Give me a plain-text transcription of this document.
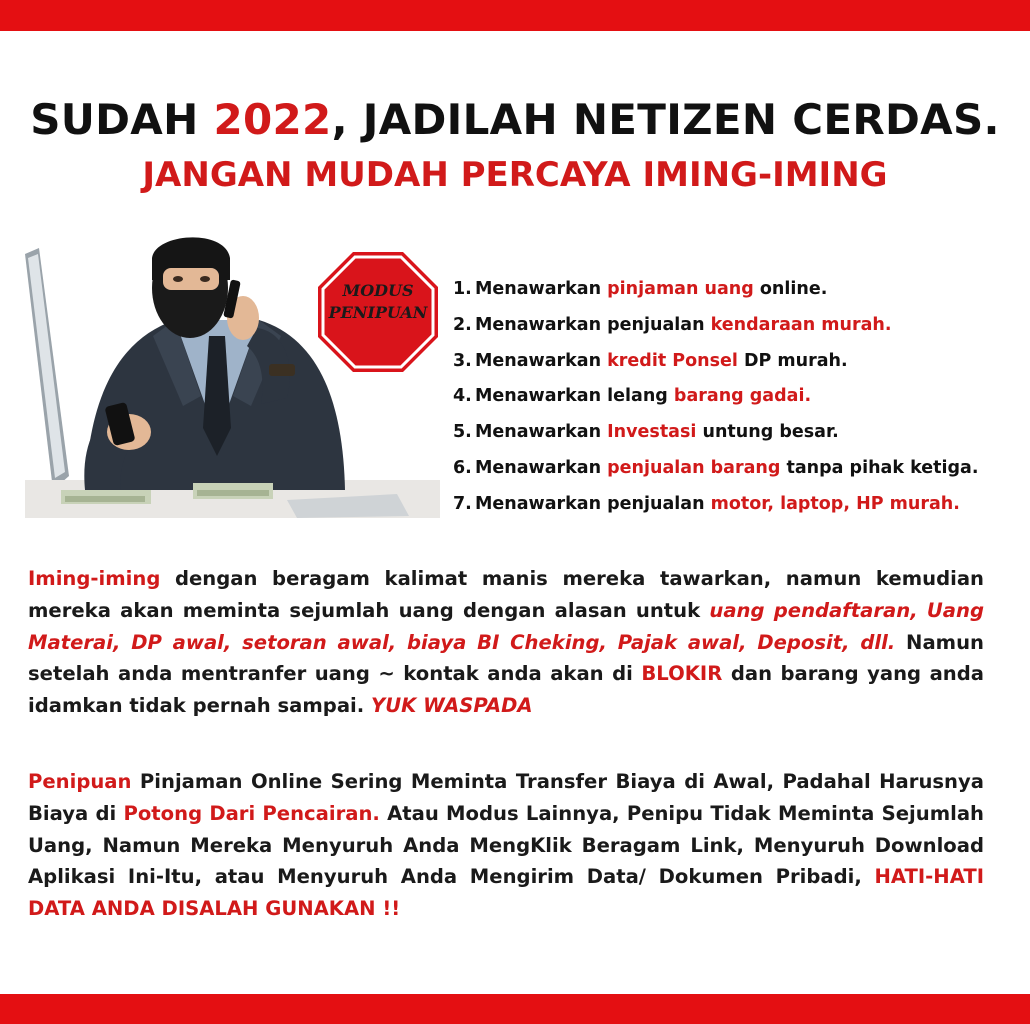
SUDAH 2022, JADILAH NETIZEN CERDAS.
JANGAN MUDAH PERCAYA IMING-IMING
MODUS
PENIPUAN
1. Menawarkan pinjaman uang online.
2. Menawarkan penjualan kendaraan murah.
3. Menawarkan kredit Ponsel DP murah.
4. Menawarkan lelang barang gadai.
5. Menawarkan Investasi untung besar.
6. Menawarkan penjualan barang tanpa pihak ketiga.
7. Menawarkan penjualan motor, laptop, HP murah.

Iming-iming dengan beragam kalimat manis mereka tawarkan, namun kemudian mereka akan meminta sejumlah uang dengan alasan untuk uang pendaftaran, Uang Materai, DP awal, setoran awal, biaya BI Cheking, Pajak awal, Deposit, dll. Namun setelah anda mentranfer uang ~ kontak anda akan di BLOKIR dan barang yang anda idamkan tidak pernah sampai. YUK WASPADA

Penipuan Pinjaman Online Sering Meminta Transfer Biaya di Awal, Padahal Harusnya Biaya di Potong Dari Pencairan. Atau Modus Lainnya, Penipu Tidak Meminta Sejumlah Uang, Namun Mereka Menyuruh Anda MengKlik Beragam Link, Menyuruh Download Aplikasi Ini-Itu, atau Menyuruh Anda Mengirim Data/ Dokumen Pribadi, HATI-HATI DATA ANDA DISALAH GUNAKAN !!
